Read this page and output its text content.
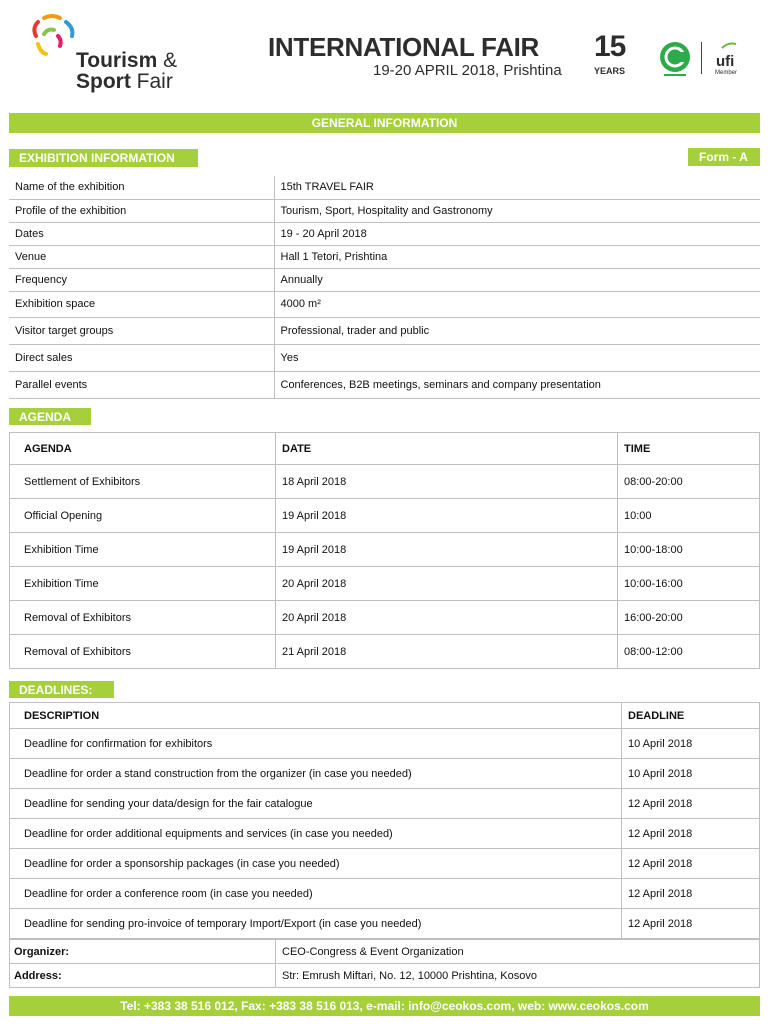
Tourism &
Sport Fair
INTERNATIONAL FAIR
19-20 APRIL 2018, Prishtina
15
YEARS
ufi
Member
GENERAL INFORMATION
EXHIBITION INFORMATION	Form - A
Name of the exhibition	15th TRAVEL FAIR
Profile of the exhibition	Tourism, Sport, Hospitality and Gastronomy
Dates	19 - 20 April 2018
Venue	Hall 1 Tetori, Prishtina
Frequency	Annually
Exhibition space	4000 m²
Visitor target groups	Professional, trader and public
Direct sales	Yes
Parallel events	Conferences, B2B meetings, seminars and company presentation
AGENDA
AGENDA	DATE	TIME
Settlement of Exhibitors	18 April 2018	08:00-20:00
Official Opening	19 April 2018	10:00
Exhibition Time	19 April 2018	10:00-18:00
Exhibition Time	20 April 2018	10:00-16:00
Removal of Exhibitors	20 April 2018	16:00-20:00
Removal of Exhibitors	21 April 2018	08:00-12:00
DEADLINES:
DESCRIPTION	DEADLINE
Deadline for confirmation for exhibitors	10 April 2018
Deadline for order a stand construction from the organizer (in case you needed)	10 April 2018
Deadline for sending your data/design for the fair catalogue	12 April 2018
Deadline for order additional equipments and services (in case you needed)	12 April 2018
Deadline for order a sponsorship packages (in case you needed)	12 April 2018
Deadline for order a conference room (in case you needed)	12 April 2018
Deadline for sending pro-invoice of temporary Import/Export (in case you needed)	12 April 2018
Organizer:	CEO-Congress & Event Organization
Address:	Str: Emrush Miftari, No. 12, 10000 Prishtina, Kosovo
Tel: +383 38 516 012, Fax: +383 38 516 013, e-mail: info@ceokos.com, web: www.ceokos.com
